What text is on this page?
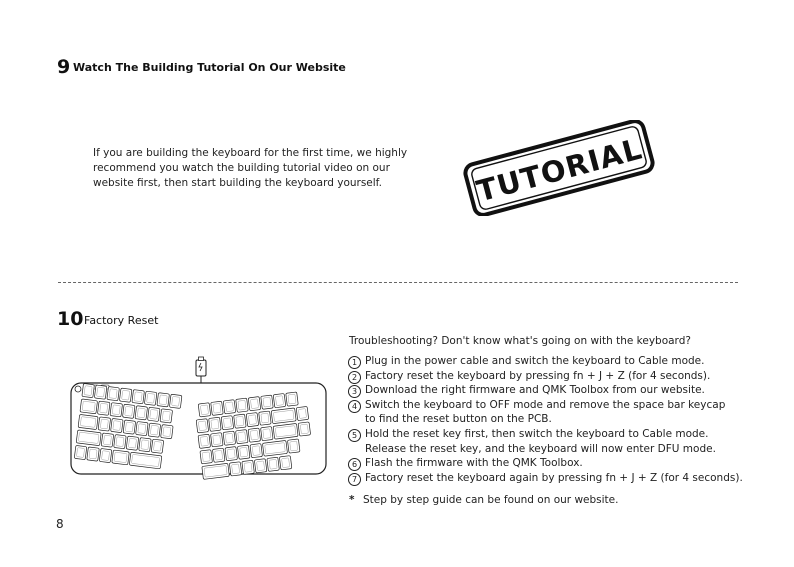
9 Watch The Building Tutorial On Our Website
If you are building the keyboard for the first time, we highly
recommend you watch the building tutorial video on our
website first, then start building the keyboard yourself.	TUTORIAL
10 Factory Reset
Troubleshooting? Don't know what's going on with the keyboard?
1 Plug in the power cable and switch the keyboard to Cable mode.
2 Factory reset the keyboard by pressing fn + J + Z (for 4 seconds).
3 Download the right firmware and QMK Toolbox from our website.
4 Switch the keyboard to OFF mode and remove the space bar keycap
to find the reset button on the PCB.
5 Hold the reset key first, then switch the keyboard to Cable mode.
Release the reset key, and the keyboard will now enter DFU mode.
6 Flash the firmware with the QMK Toolbox.
7 Factory reset the keyboard again by pressing fn + J + Z (for 4 seconds).
* Step by step guide can be found on our website.
8
